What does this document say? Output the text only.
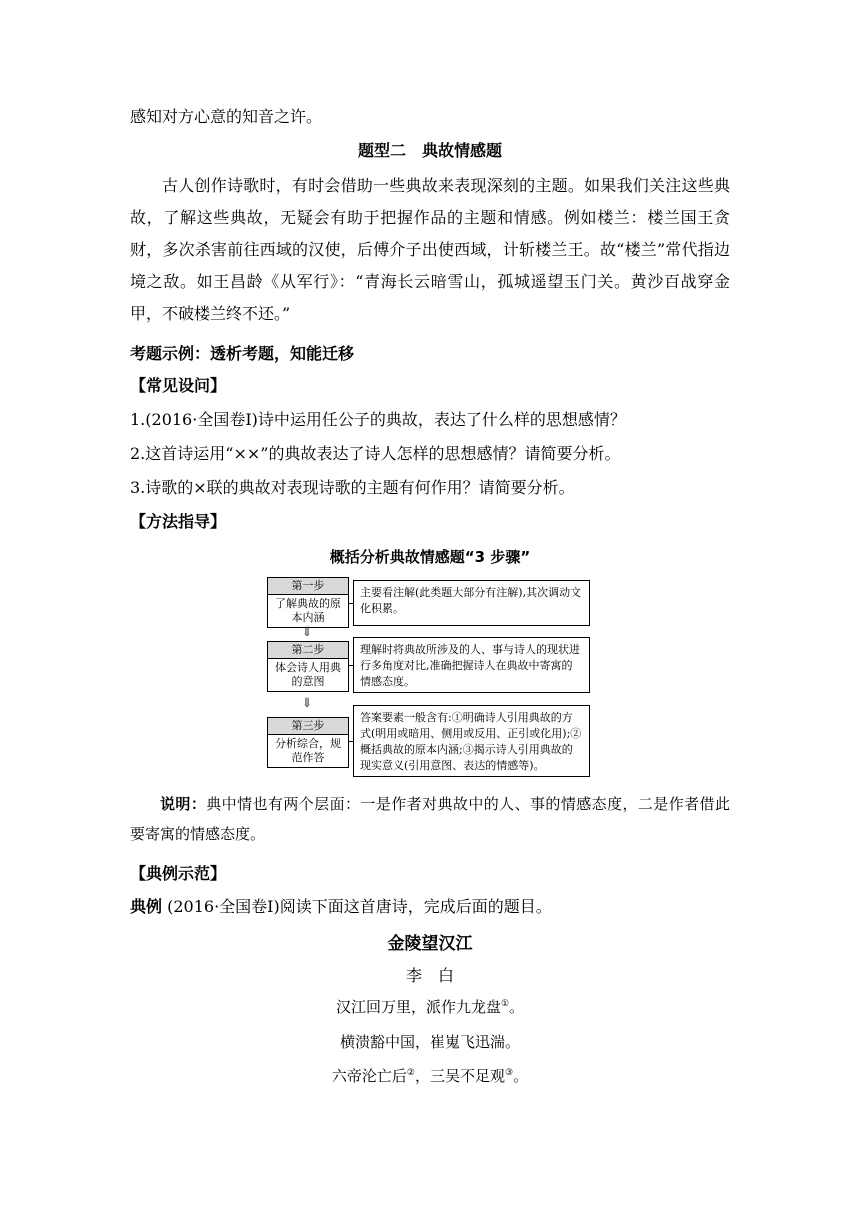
感知对方心意的知音之许。
题型二　典故情感题
古人创作诗歌时，有时会借助一些典故来表现深刻的主题。如果我们关注这些典故，了解这些典故，无疑会有助于把握作品的主题和情感。例如楼兰：楼兰国王贪财，多次杀害前往西域的汉使，后傅介子出使西域，计斩楼兰王。故“楼兰”常代指边境之敌。如王昌龄《从军行》：“青海长云暗雪山，孤城遥望玉门关。黄沙百战穿金甲，不破楼兰终不还。”
考题示例：透析考题，知能迁移
【常见设问】
1.(2016·全国卷Ⅰ)诗中运用任公子的典故，表达了什么样的思想感情？
2.这首诗运用“××”的典故表达了诗人怎样的思想感情？请简要分析。
3.诗歌的×联的典故对表现诗歌的主题有何作用？请简要分析。
【方法指导】
概括分析典故情感题“3 步骤”
第一步
了解典故的原本内涵
主要看注解(此类题大部分有注解),其次调动文化积累。
⇓
第二步
体会诗人用典的意图
理解时将典故所涉及的人、事与诗人的现状进行多角度对比,准确把握诗人在典故中寄寓的情感态度。
⇓
第三步
分析综合，规范作答
答案要素一般含有:①明确诗人引用典故的方式(明用或暗用、侧用或反用、正引或化用);②概括典故的原本内涵;③揭示诗人引用典故的现实意义(引用意图、表达的情感等)。
说明：典中情也有两个层面：一是作者对典故中的人、事的情感态度，二是作者借此要寄寓的情感态度。
【典例示范】
典例 (2016·全国卷Ⅰ)阅读下面这首唐诗，完成后面的题目。
金陵望汉江
李　白
汉江回万里，派作九龙盘①。
横溃豁中国，崔嵬飞迅湍。
六帝沦亡后②，三吴不足观③。
